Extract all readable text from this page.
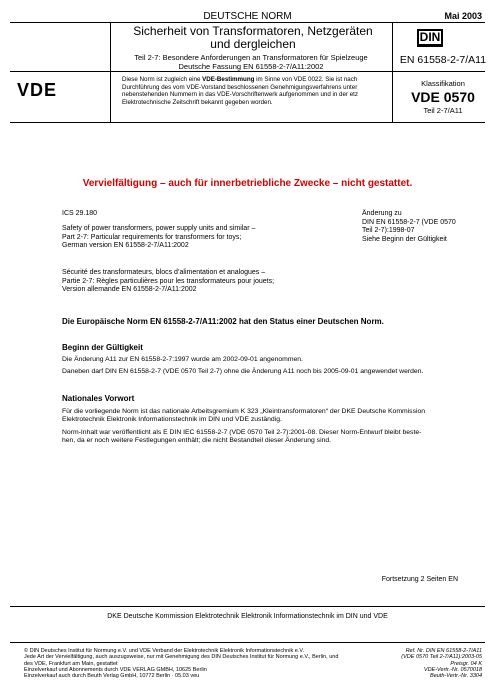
DEUTSCHE NORM	Mai 2003
Sicherheit von Transformatoren, Netzgeräten
und dergleichen
Teil 2-7: Besondere Anforderungen an Transformatoren für Spielzeuge
Deutsche Fassung EN 61558-2-7/A11:2002
DIN
EN 61558-2-7/A11
VDE
Diese Norm ist zugleich eine VDE-Bestimmung im Sinne von VDE 0022. Sie ist nach Durchführung des vom VDE-Vorstand beschlossenen Genehmigungsverfahrens unter nebenstehenden Nummern in das VDE-Vorschriftenwerk aufgenommen und in der etz Elektrotechnische Zeitschrift bekannt gegeben worden.
Klassifikation
VDE 0570
Teil 2-7/A11
Vervielfältigung – auch für innerbetriebliche Zwecke – nicht gestattet.
ICS 29.180
Safety of power transformers, power supply units and similar –
Part 2-7: Particular requirements for transformers for toys;
German version EN 61558-2-7/A11:2002
Sécurité des transformateurs, blocs d’alimentation et analogues –
Partie 2-7: Règles particulières pour les transformateurs pour jouets;
Version allemande EN 61558-2-7/A11:2002
Änderung zu
DIN EN 61558-2-7 (VDE 0570
Teil 2-7):1998-07
Siehe Beginn der Gültigkeit
Die Europäische Norm EN 61558-2-7/A11:2002 hat den Status einer Deutschen Norm.
Beginn der Gültigkeit
Die Änderung A11 zur EN 61558-2-7:1997 wurde am 2002-09-01 angenommen.
Daneben darf DIN EN 61558-2-7 (VDE 0570 Teil 2-7) ohne die Änderung A11 noch bis 2005-09-01 angewendet werden.
Nationales Vorwort
Für die vorliegende Norm ist das nationale Arbeitsgremium K 323 „Kleintransformatoren“ der DKE Deutsche Kommission
Elektrotechnik Elektronik Informationstechnik im DIN und VDE zuständig.
Norm-Inhalt war veröffentlicht als E DIN IEC 61558-2-7 (VDE 0570 Teil 2-7):2001-08. Dieser Norm-Entwurf bleibt beste-
hen, da er noch weitere Festlegungen enthält; die nicht Bestandteil dieser Änderung sind.
Fortsetzung 2 Seiten EN
DKE Deutsche Kommission Elektrotechnik Elektronik Informationstechnik im DIN und VDE
© DIN Deutsches Institut für Normung e.V. und VDE Verband der Elektrotechnik Elektronik Informationstechnik e.V.
Jede Art der Vervielfältigung, auch auszugsweise, nur mit Genehmigung des DIN Deutsches Institut für Normung e.V., Berlin, und
des VDE, Frankfurt am Main, gestattet
Einzelverkauf und Abonnements durch VDE VERLAG GMBH, 10625 Berlin
Einzelverkauf auch durch Beuth Verlag GmbH, 10772 Berlin · 05.03 veu
Ref. Nr. DIN EN 61558-2-7/A11
(VDE 0570 Teil 2-7/A11):2003-05
Preisgr. 04 K
VDE-Vertr.-Nr. 0570018
Beuth-Vertr.-Nr. 3304
